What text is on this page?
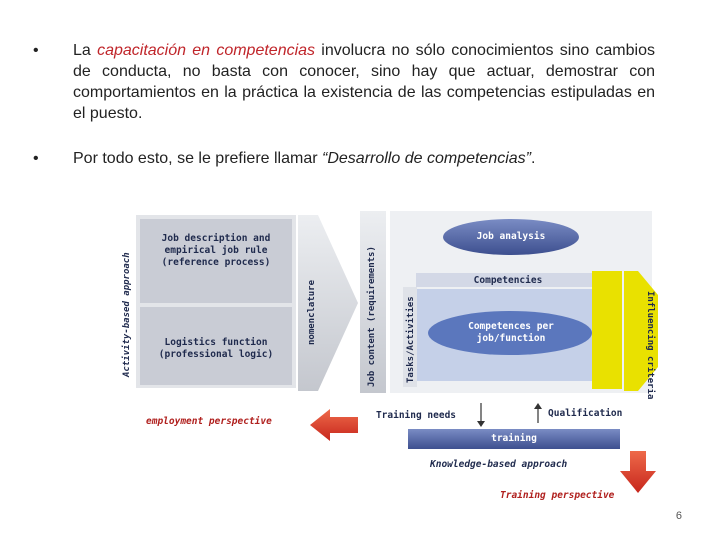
• La capacitación en competencias involucra no sólo conocimientos sino cambios de conducta, no basta con conocer, sino hay que actuar, demostrar con comportamientos en la práctica la existencia de las competencias estipuladas en el puesto.
• Por todo esto, se le prefiere llamar “Desarrollo de competencias”.
Activity-based approach
Job description and empirical job rule (reference process)
Logistics function (professional logic)
nomenclature	Job content (requirements)
Job analysis
Competencies
Tasks/Activities	Competences per job/function	Influencing criteria
employment perspective
Training needs	Qualification
training
Knowledge-based approach
Training perspective
6
